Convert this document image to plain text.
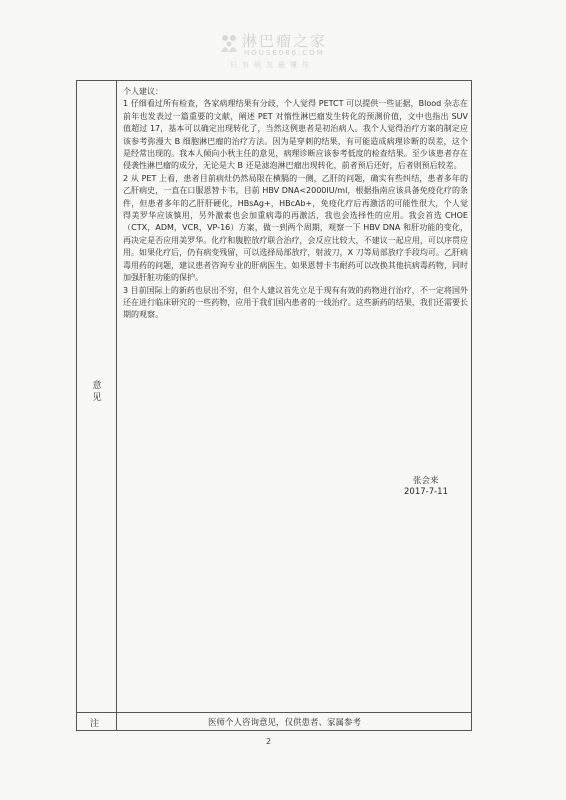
淋巴瘤之家
HOUSE086.COM
只有病友最懂你
意见
注

个人建议：

1 仔细看过所有检查，各家病理结果有分歧，个人觉得 PETCT 可以提供一些证据，Blood 杂志在前年也发表过一篇重要的文献，阐述 PET 对惰性淋巴瘤发生转化的预测价值，文中也指出 SUV 值超过 17，基本可以确定出现转化了，当然这例患者是初治病人。我个人觉得治疗方案的制定应该参考弥漫大 B 细胞淋巴瘤的治疗方法。因为是穿刺的结果，有可能造成病理诊断的误差，这个是经常出现的。我本人倾向小秋主任的意见，病理诊断应该参考低度的检查结果。至少该患者存在侵袭性淋巴瘤的成分，无论是大 B 还是滤泡淋巴瘤出现转化，前者预后还好，后者则预后较差。

2 从 PET 上看，患者目前病灶仍然局限在横膈的一侧，乙肝的问题，确实有些纠结，患者多年的乙肝病史，一直在口服恩替卡韦，目前 HBV DNA<2000IU/ml，根据指南应该具备免疫化疗的条件，但患者多年的乙肝肝硬化，HBsAg+，HBcAb+，免疫化疗后再激活的可能性很大，个人觉得美罗华应该慎用，另外激素也会加重病毒的再激活，我也会选择性的应用。我会首选 CHOE（CTX，ADM，VCR，VP-16）方案，做一到两个周期，观察一下 HBV DNA 和肝功能的变化，再决定是否应用美罗华。化疗和腹腔放疗联合治疗，会反应比较大，不建议一起应用，可以序贯应用。如果化疗后，仍有病变残留，可以选择局部放疗，射波刀，X 刀等局部放疗手段均可。乙肝病毒用药的问题，建议患者咨询专业的肝病医生。如果恩替卡韦耐药可以改换其他抗病毒药物，同时加强肝脏功能的保护。

3 目前国际上的新药也层出不穷，但个人建议首先立足于现有有效的药物进行治疗，不一定将国外还在进行临床研究的一些药物，应用于我们国内患者的一线治疗。这些新药的结果，我们还需要长期的观察。

张会来
2017-7-11
医师个人咨询意见，仅供患者、家属参考
2
